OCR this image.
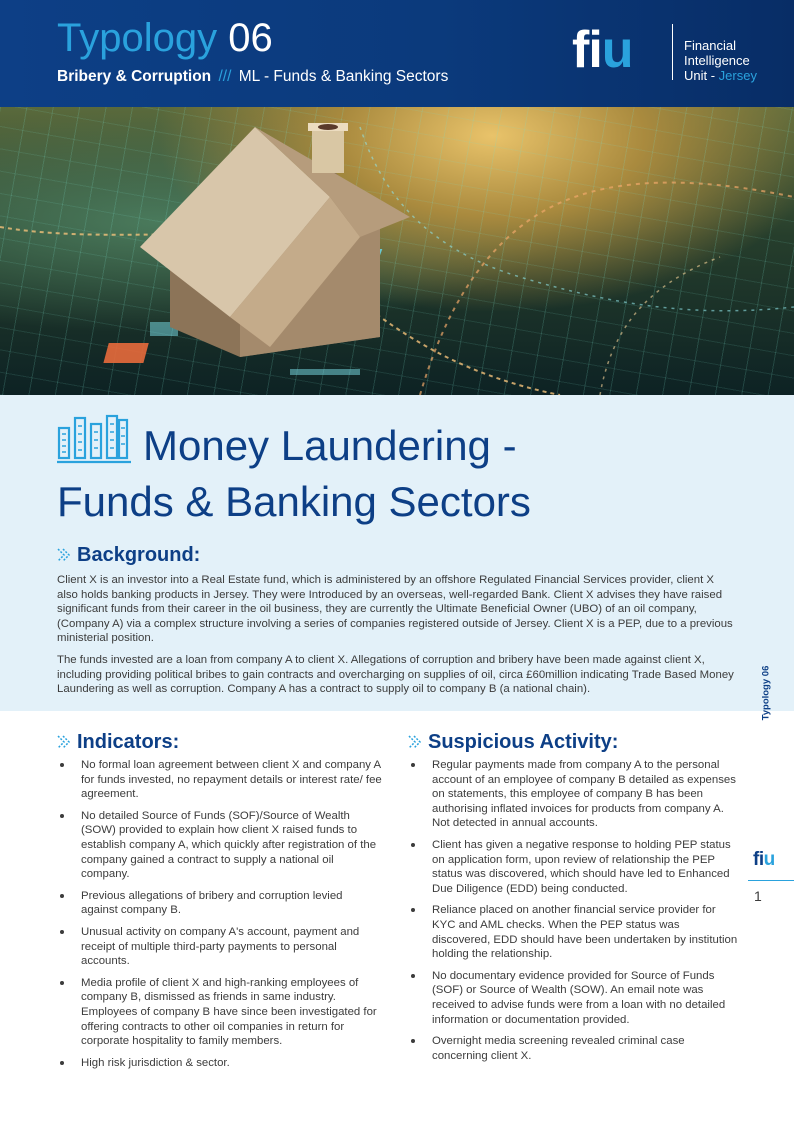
Typology 06
Bribery & Corruption /// ML - Funds & Banking Sectors fiu	Financial
Intelligence
Unit - Jersey
Money Laundering -
Funds & Banking Sectors
Background:
Client X is an investor into a Real Estate fund, which is administered by an offshore Regulated Financial Services provider, client X also holds banking products in Jersey. They were Introduced by an overseas, well-regarded Bank. Client X advises they have raised significant funds from their career in the oil business, they are currently the Ultimate Beneficial Owner (UBO) of an oil company, (Company A) via a complex structure involving a series of companies registered outside of Jersey. Client X is a PEP, due to a previous ministerial position.
The funds invested are a loan from company A to client X. Allegations of corruption and bribery have been made against client X, including providing political bribes to gain contracts and overcharging on supplies of oil, circa £60million indicating Trade Based Money Laundering as well as corruption. Company A has a contract to supply oil to company B (a national chain).	Typology 06
fiu
1
Indicators:
No formal loan agreement between client X and company A for funds invested, no repayment details or interest rate/ fee agreement.
No detailed Source of Funds (SOF)/Source of Wealth (SOW) provided to explain how client X raised funds to establish company A, which quickly after registration of the company gained a contract to supply a national oil company.
Previous allegations of bribery and corruption levied against company B.
Unusual activity on company A's account, payment and receipt of multiple third-party payments to personal accounts.
Media profile of client X and high-ranking employees of company B, dismissed as friends in same industry. Employees of company B have since been investigated for offering contracts to other oil companies in return for corporate hospitality to family members.
High risk jurisdiction & sector.
Suspicious Activity:
Regular payments made from company A to the personal account of an employee of company B detailed as expenses on statements, this employee of company B has been authorising inflated invoices for products from company A. Not detected in annual accounts.
Client has given a negative response to holding PEP status on application form, upon review of relationship the PEP status was discovered, which should have led to Enhanced Due Diligence (EDD) being conducted.
Reliance placed on another financial service provider for KYC and AML checks. When the PEP status was discovered, EDD should have been undertaken by institution holding the relationship.
No documentary evidence provided for Source of Funds (SOF) or Source of Wealth (SOW). An email note was received to advise funds were from a loan with no detailed information or documentation provided.
Overnight media screening revealed criminal case concerning client X.
